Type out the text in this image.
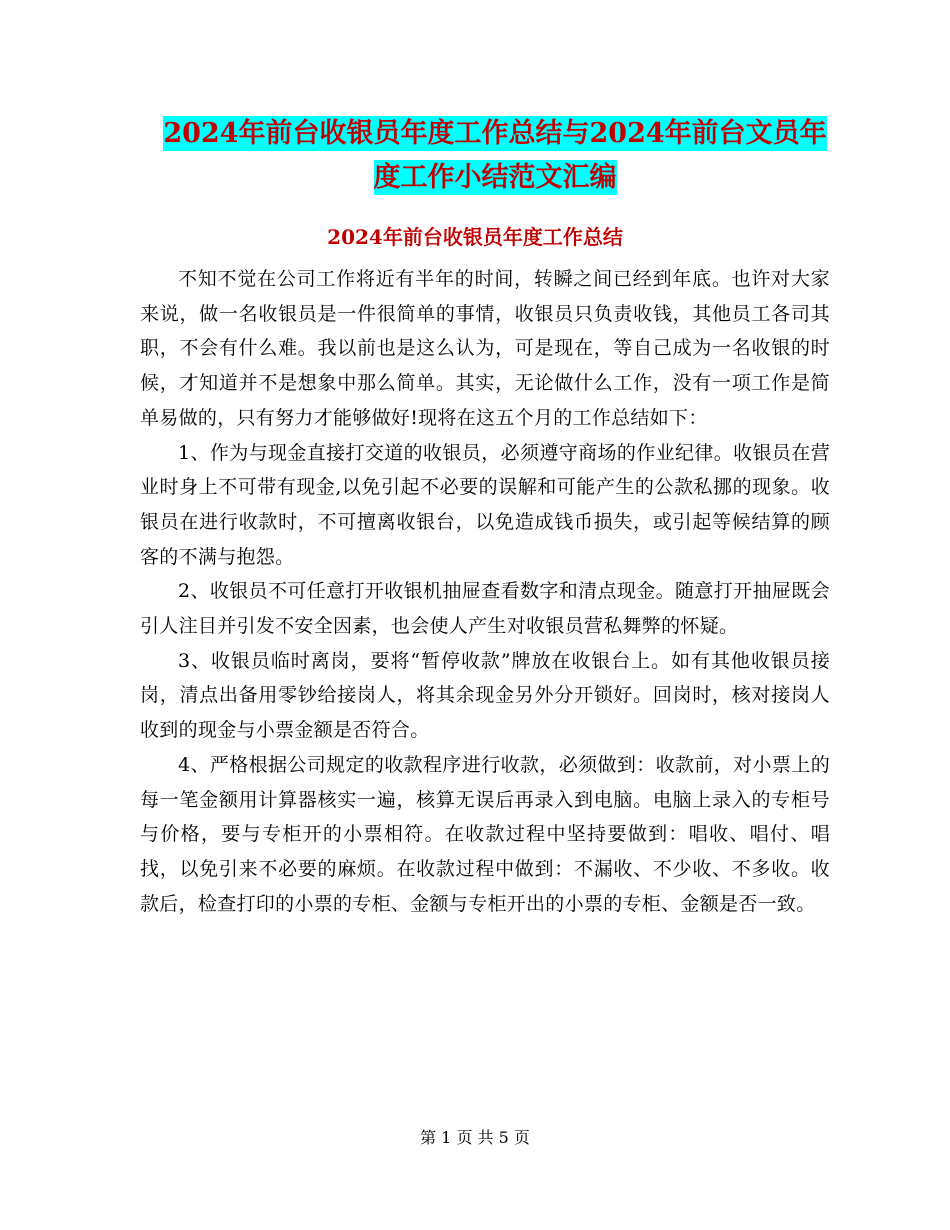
2024年前台收银员年度工作总结与2024年前台文员年
度工作小结范文汇编
2024年前台收银员年度工作总结

不知不觉在公司工作将近有半年的时间，转瞬之间已经到年底。也许对大家来说，做一名收银员是一件很简单的事情，收银员只负责收钱，其他员工各司其职，不会有什么难。我以前也是这么认为，可是现在，等自己成为一名收银的时候，才知道并不是想象中那么简单。其实，无论做什么工作，没有一项工作是简单易做的，只有努力才能够做好!现将在这五个月的工作总结如下：

1、作为与现金直接打交道的收银员，必须遵守商场的作业纪律。收银员在营业时身上不可带有现金,以免引起不必要的误解和可能产生的公款私挪的现象。收银员在进行收款时，不可擅离收银台，以免造成钱币损失，或引起等候结算的顾客的不满与抱怨。

2、收银员不可任意打开收银机抽屉查看数字和清点现金。随意打开抽屉既会引人注目并引发不安全因素，也会使人产生对收银员营私舞弊的怀疑。

3、收银员临时离岗，要将“暂停收款”牌放在收银台上。如有其他收银员接岗，清点出备用零钞给接岗人，将其余现金另外分开锁好。回岗时，核对接岗人收到的现金与小票金额是否符合。

4、严格根据公司规定的收款程序进行收款，必须做到：收款前，对小票上的每一笔金额用计算器核实一遍，核算无误后再录入到电脑。电脑上录入的专柜号与价格，要与专柜开的小票相符。在收款过程中坚持要做到：唱收、唱付、唱找，以免引来不必要的麻烦。在收款过程中做到：不漏收、不少收、不多收。收款后，检查打印的小票的专柜、金额与专柜开出的小票的专柜、金额是否一致。

第 1 页 共 5 页
